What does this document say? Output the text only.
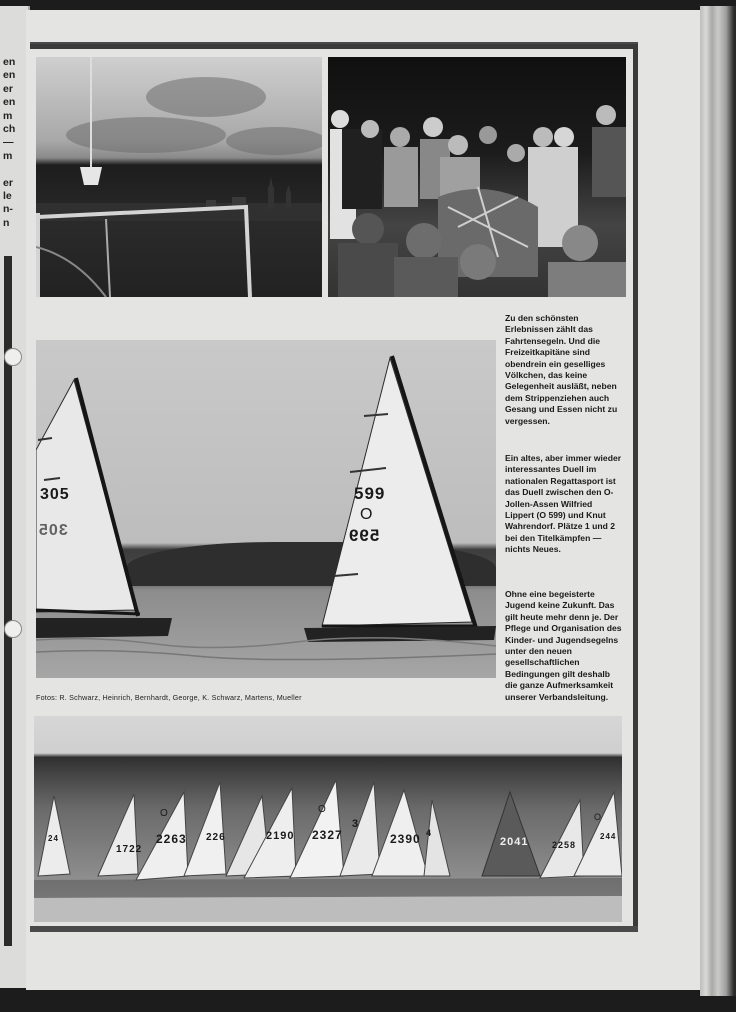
en
en
er
en
m
ch
—
m

er
le
n-
n
305
305
599
O
599
24
1722
O
2263 226	2190
O
2327
3
2390 4
2041	2258
244
O
Zu den schönsten Erlebnissen zählt das Fahrtensegeln. Und die Freizeitkapitäne sind obendrein ein geselliges Völkchen, das keine Gelegenheit ausläßt, neben dem Strippenziehen auch Gesang und Essen nicht zu vergessen.
Ein altes, aber immer wieder interessantes Duell im nationalen Regattasport ist das Duell zwischen den O-Jollen-Assen Wilfried Lippert (O 599) und Knut Wahrendorf. Plätze 1 und 2 bei den Titelkämpfen — nichts Neues.
Ohne eine begeisterte Jugend keine Zukunft. Das gilt heute mehr denn je. Der Pflege und Organisation des Kinder- und Jugendsegelns unter den neuen gesellschaftlichen Bedingungen gilt deshalb die ganze Aufmerksamkeit unserer Verbandsleitung.
Fotos: R. Schwarz, Heinrich, Bernhardt, George, K. Schwarz, Martens, Mueller
